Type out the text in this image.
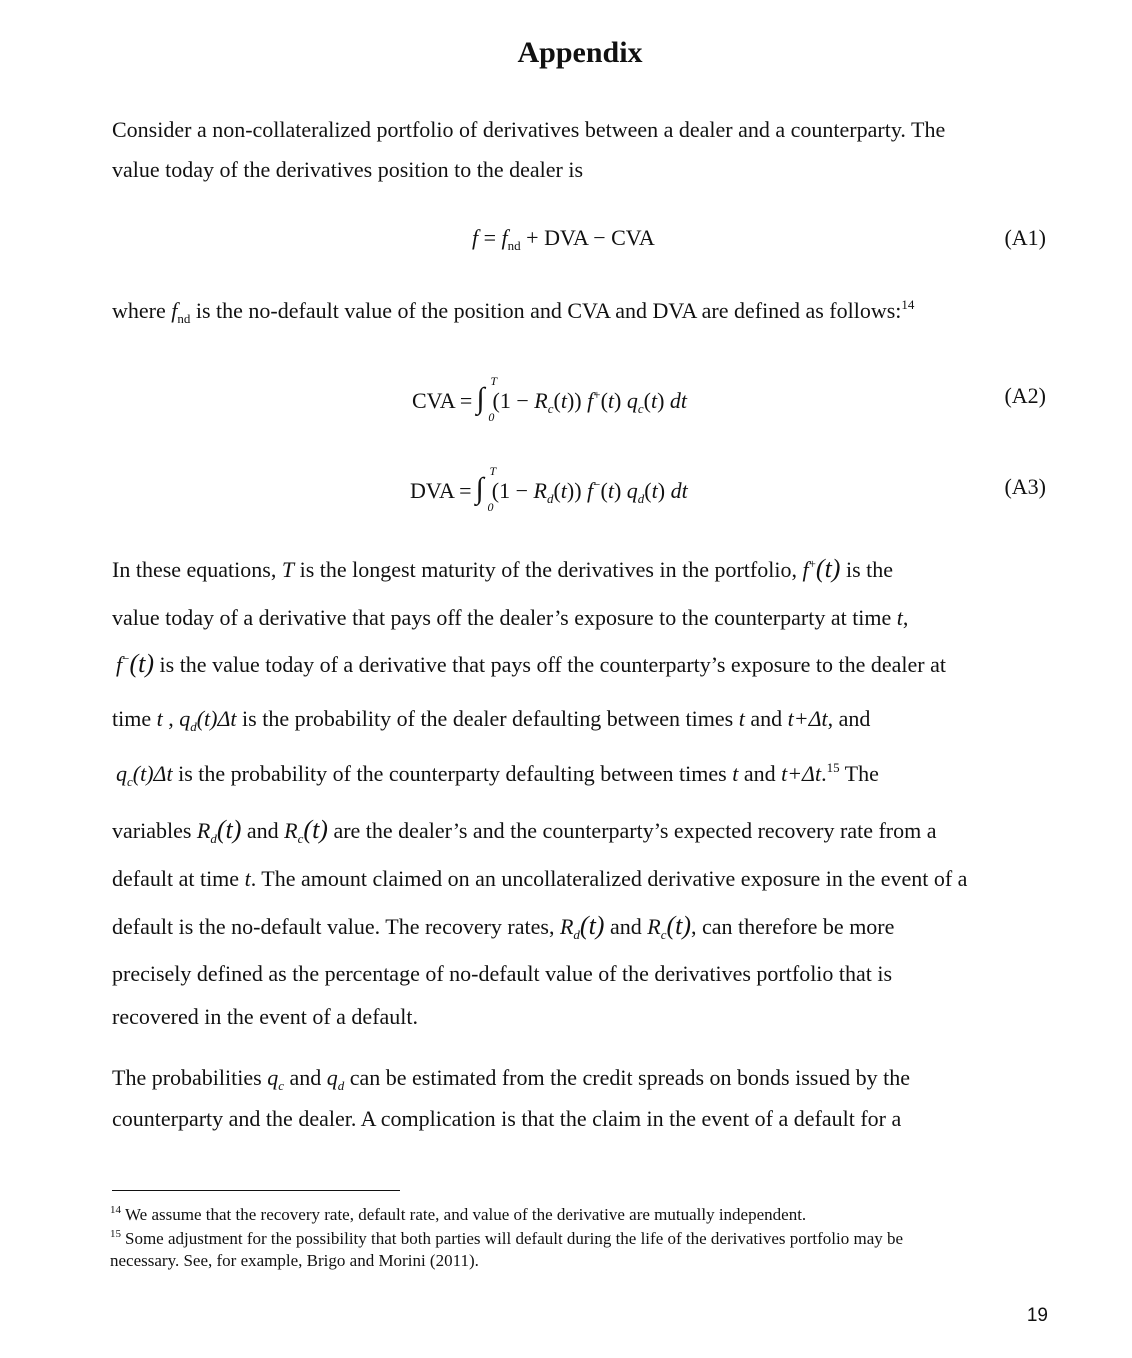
Appendix
Consider a non-collateralized portfolio of derivatives between a dealer and a counterparty. The
value today of the derivatives position to the dealer is
$f = f_{nd}$ + DVA − CVA	(A1)
where $f_{nd}$ is the no-default value of the position and CVA and DVA are defined as follows:$^{14}$
CVA = ∫
T
0
$(1 - R_c(t))$ f+(t) $q_c(t)$ dt	(A2)
DVA = ∫
T
0
$(1 - R_d(t))$ f−(t) $q_d(t)$ dt	(A3)
In these equations, T is the longest maturity of the derivatives in the portfolio, f+(t) is the
value today of a derivative that pays off the dealer’s exposure to the counterparty at time t,
f−(t) is the value today of a derivative that pays off the counterparty’s exposure to the dealer at
time t , $q_d(t)\Delta t$ is the probability of the dealer defaulting between times t and t+Δt, and
$q_c(t)\Delta t$ is the probability of the counterparty defaulting between times t and t+Δt.$^{15}$ The
variables $R_d(t)$ and $R_c(t)$ are the dealer’s and the counterparty’s expected recovery rate from a
default at time t. The amount claimed on an uncollateralized derivative exposure in the event of a
default is the no-default value. The recovery rates, $R_d(t)$ and $R_c(t)$, can therefore be more
precisely defined as the percentage of no-default value of the derivatives portfolio that is
recovered in the event of a default.
The probabilities $q_c$ and $q_d$ can be estimated from the credit spreads on bonds issued by the
counterparty and the dealer. A complication is that the claim in the event of a default for a
$^{14}$ We assume that the recovery rate, default rate, and value of the derivative are mutually independent.
$^{15}$ Some adjustment for the possibility that both parties will default during the life of the derivatives portfolio may be
necessary. See, for example, Brigo and Morini (2011).
19
